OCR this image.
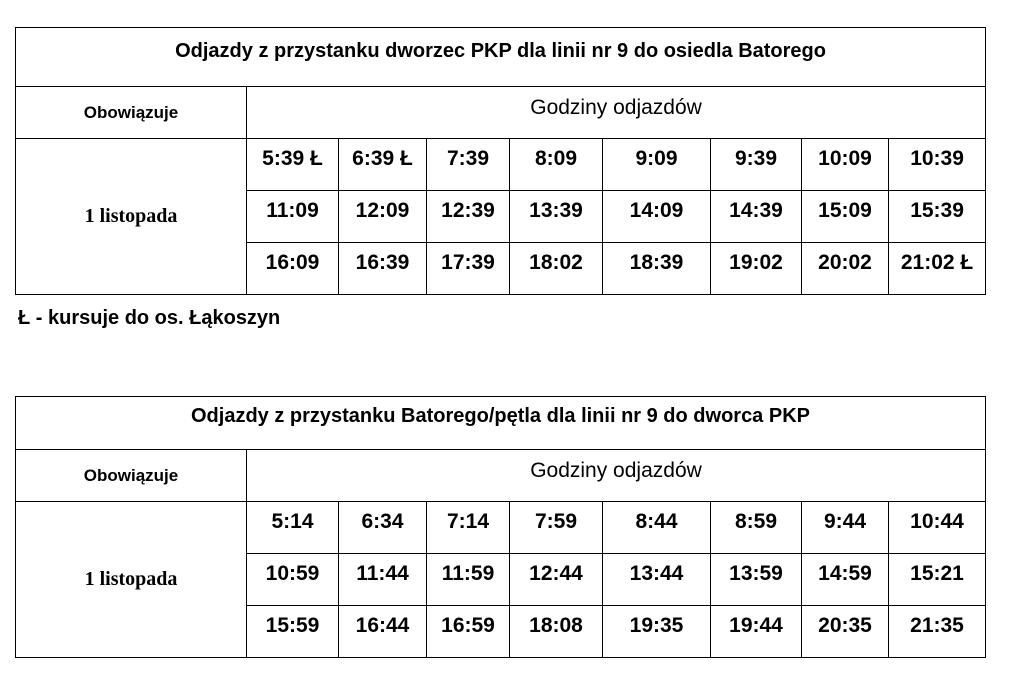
Odjazdy z przystanku dworzec PKP dla linii nr 9 do osiedla Batorego								

Obowiązuje	Godziny odjazdów							

1 listopada	5:39 Ł	6:39 Ł	7:39	8:09	9:09	9:39	10:09	10:39

	11:09	12:09	12:39	13:39	14:09	14:39	15:09	15:39

	16:09	16:39	17:39	18:02	18:39	19:02	20:02	21:02 Ł
Ł - kursuje do os. Łąkoszyn
Odjazdy z przystanku Batorego/pętla dla linii nr 9 do dworca PKP								

Obowiązuje	Godziny odjazdów							

1 listopada	5:14	6:34	7:14	7:59	8:44	8:59	9:44	10:44

	10:59	11:44	11:59	12:44	13:44	13:59	14:59	15:21

	15:59	16:44	16:59	18:08	19:35	19:44	20:35	21:35
